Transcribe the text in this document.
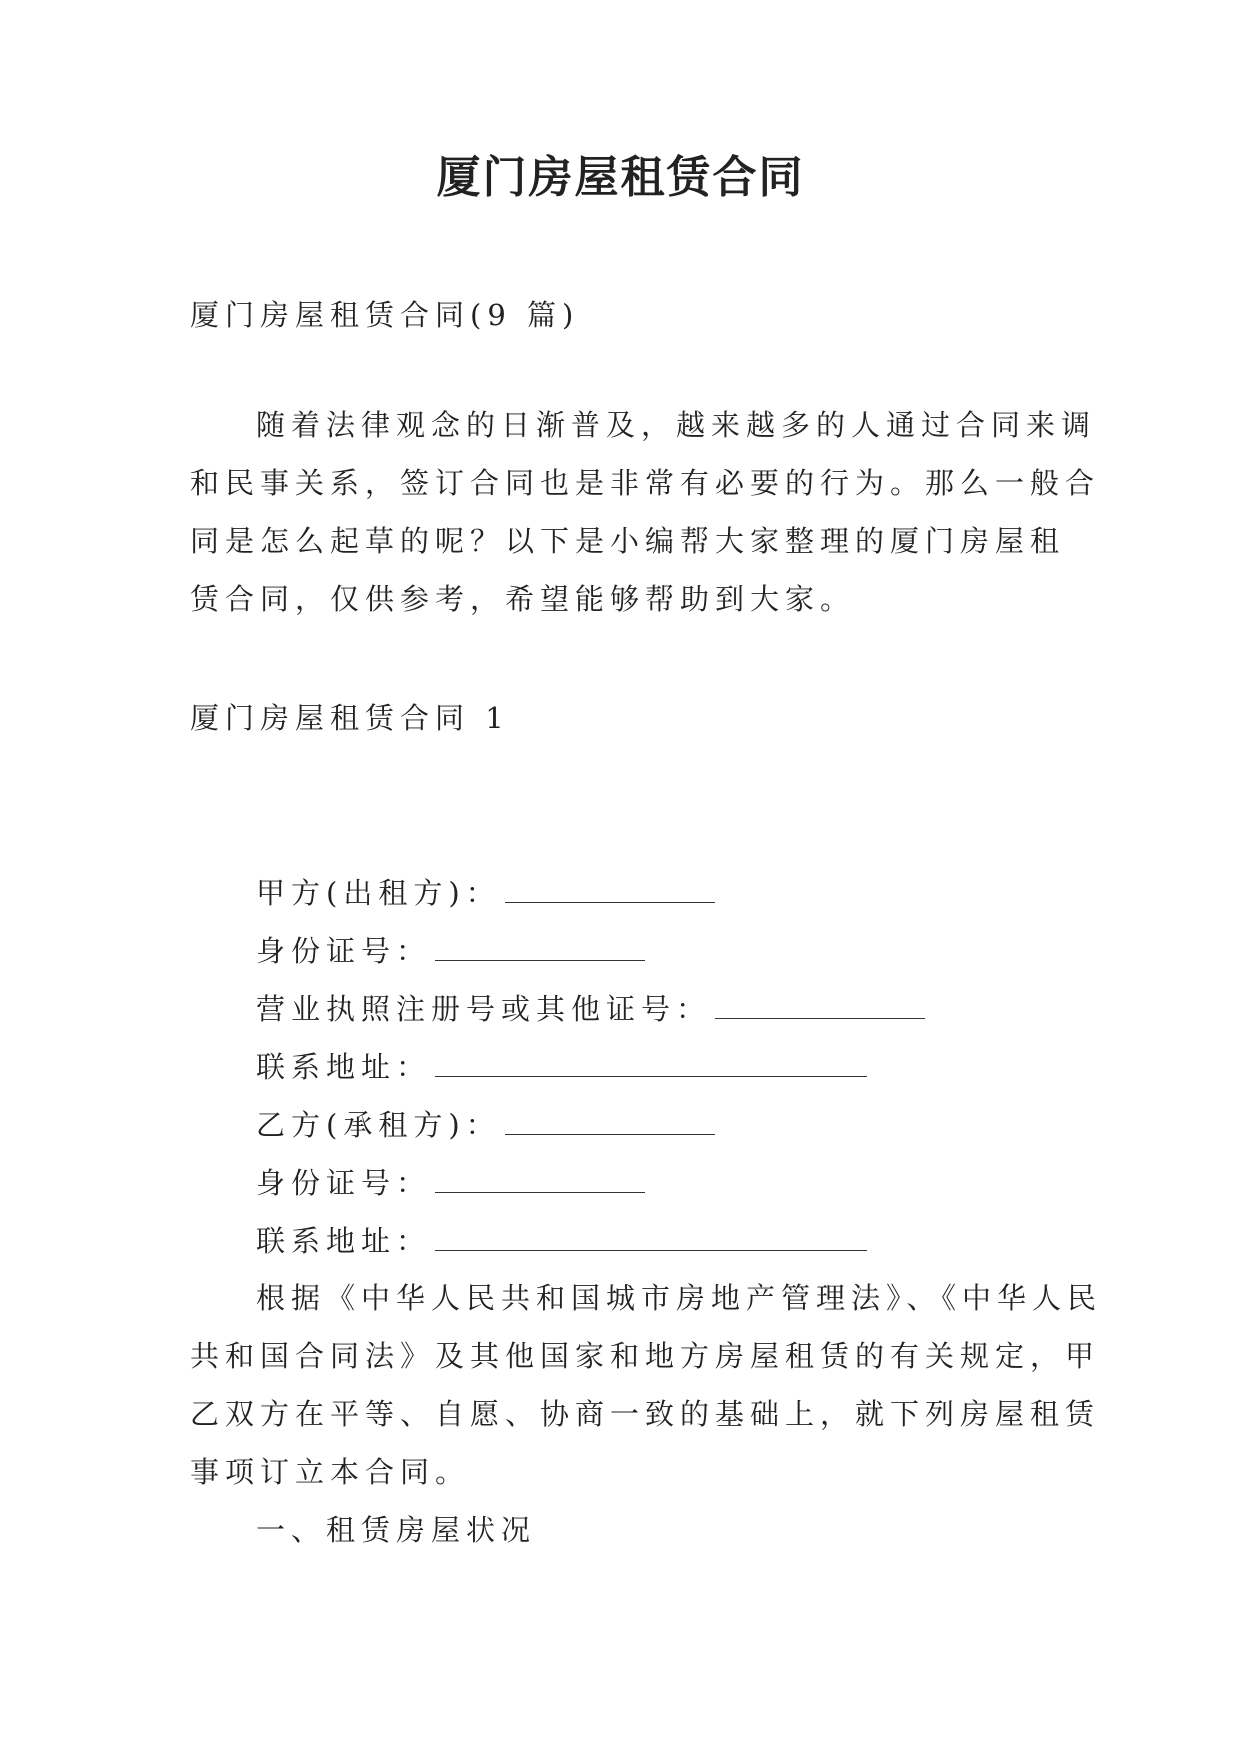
厦门房屋租赁合同
厦门房屋租赁合同(9 篇)
随着法律观念的日渐普及，越来越多的人通过合同来调
和民事关系，签订合同也是非常有必要的行为。那么一般合
同是怎么起草的呢？以下是小编帮大家整理的厦门房屋租
赁合同，仅供参考，希望能够帮助到大家。
厦门房屋租赁合同 1
甲方(出租方)：
身份证号：
营业执照注册号或其他证号：
联系地址：
乙方(承租方)：
身份证号：
联系地址：
根据《中华人民共和国城市房地产管理法》、《中华人民
共和国合同法》及其他国家和地方房屋租赁的有关规定，甲
乙双方在平等、自愿、协商一致的基础上，就下列房屋租赁
事项订立本合同。
一、租赁房屋状况
